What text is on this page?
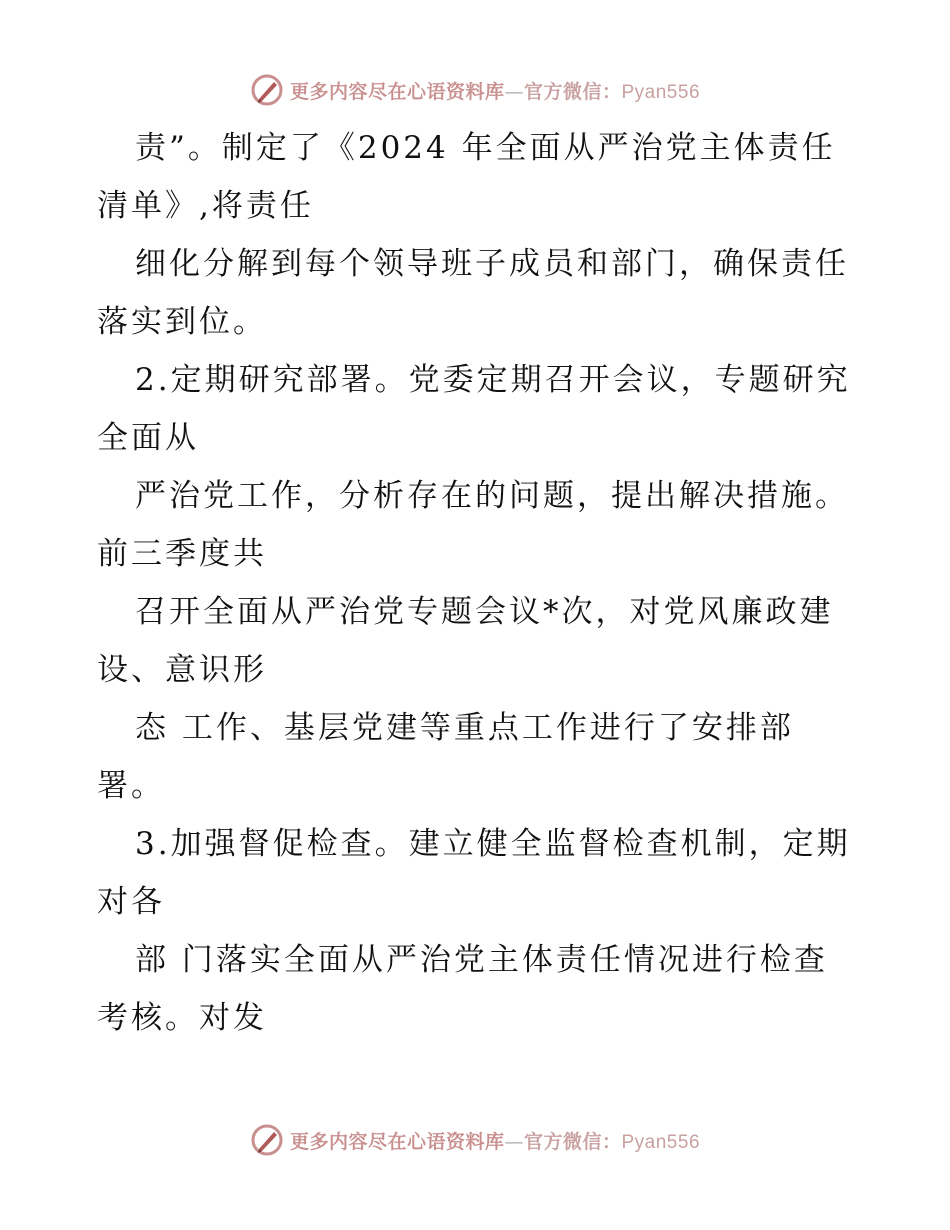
更多内容尽在心语资料库—官方微信：Pyan556
责”。制定了《2024 年全面从严治党主体责任
清单》,将责任
细化分解到每个领导班子成员和部门，确保责任
落实到位。
2.定期研究部署。党委定期召开会议，专题研究
全面从
严治党工作，分析存在的问题，提出解决措施。
前三季度共
召开全面从严治党专题会议*次，对党风廉政建
设、意识形
态 工作、基层党建等重点工作进行了安排部
署。
3.加强督促检查。建立健全监督检查机制，定期
对各
部 门落实全面从严治党主体责任情况进行检查
考核。对发
更多内容尽在心语资料库—官方微信：Pyan556
